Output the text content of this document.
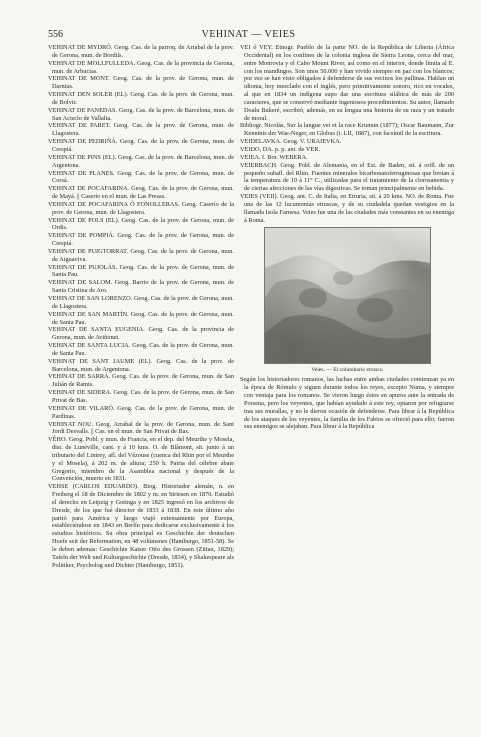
556	VEHINAT — VEIES

VEHINAT DE MYDRÓ. Geog. Cas. de la parroq. de Arrabal de la prov. de Gerona, mun. de Bordils.

VEHINAT DE MOLLFULLEDA. Geog. Cas. de la provincia de Gerona, mun. de Arbucias.

VEHINAT DE MONT. Geog. Cas. de la prov. de Gerona, mun. de Darnius.

VEHINAT DEN SOLER (EL). Geog. Cas. de la prov. de Gerona, mun. de Bolvir.

VEHINAT DE PANEDAS. Geog. Cas. de la prov. de Barcelona, mun. de San Acisclo de Vallalta.

VEHINAT DE PARET. Geog. Cas. de la prov. de Gerona, mun. de Llagostera.

VEHINAT DE PEDRIÑÁ. Geog. Cas. de la prov. de Gerona, mun. de Crespiá.

VEHINAT DE PINS (EL). Geog. Cas. de la prov. de Barcelona, mun. de Argentona.

VEHINAT DE PLANES. Geog. Cas. de la prov. de Gerona, mun. de Corsá.

VEHINAT DE POCAFARINA. Geog. Cas. de la prov. de Gerona, mun. de Mayá. || Caserío en el mun. de Las Presas.

VEHINAT DE POCAFARINA Ó FONOLLERAS. Geog. Caserío de la prov. de Gerona, mun. de Llagostera.

VEHINAT DE POLS (EL). Geog. Cas. de la prov. de Gerona, mun. de Ordis.

VEHINAT DE POMPIÁ. Geog. Cas. de la prov. de Gerona, mun. de Crespiá.

VEHINAT DE PUIGTORRAT. Geog. Cas. de la prov. de Gerona, mun. de Aiguaviva.

VEHINAT DE PUJOLÁS. Geog. Cas. de la prov. de Gerona, mun. de Santa Pau.

VEHINAT DE SALOM. Geog. Barrio de la prov. de Gerona, mun. de Santa Cristina de Aro.

VEHINAT DE SAN LORENZO. Geog. Cas. de la prov. de Gerona, mun. de Llagostera.

VEHINAT DE SAN MARTÍN. Geog. Cas. de la prov. de Gerona, mun. de Santa Pau.

VEHINAT DE SANTA EUGENIA. Geog. Cas. de la provincia de Gerona, mun. de Aviñonet.

VEHINAT DE SANTA LUCIA. Geog. Cas. de la prov. de Gerona, mun. de Santa Pau.

VEHINAT DE SANT JAUME (EL). Geog. Cas. de la prov. de Barcelona, mun. de Argentona.

VEHINAT DE SARRÁ. Geog. Cas. de la prov. de Gerona, mun. de San Julián de Ramis.

VEHINAT DE SIDERA. Geog. Cas. de la prov. de Gerona, mun. de San Privat de Bas.

VEHINAT DE VILARÓ. Geog. Cas. de la prov. de Gerona, mun. de Pardinas.

VEHINAT NOU. Geog. Arrabal de la prov. de Gerona, mun. de Sant Jordi Desvalls. || Cas. en el mun. de San Privat de Bas.

VÊHO. Geog. Pobl. y mun. de Francia, en el dep. del Meurthe y Mosela, dist. de Lunéville, cant. y á 10 kms. O. de Blâmont, sit. junto á un tributario del Lintrey, afl. del Vézouse (cuenca del Rhin por el Meurthe y el Mosela), á 202 m. de altura; 250 h. Patria del célebre abate Gregorio, miembro de la Asamblea nacional y después de la Convención, muerto en 1831.

VEHSE (CARLOS EDUARDO). Biog. Historiador alemán, n. en Freiberg el 18 de Diciembre de 1802 y m. en Striesen en 1870. Estudió el derecho en Leipzig y Gotinga y en 1825 ingresó en los archivos de Dresde, de los que fué director de 1833 á 1838. En este último año partió para América y luego viajó extensamente por Europa, estableciéndose en 1843 en Berlín para dedicarse exclusivamente á los estudios históricos. Su obra principal es Geschichte der deutschen Hoefe seit der Reformation, en 48 volúmenes (Hamburgo, 1851-58). Se le deben además: Geschichte Kaiser Otto des Grossen (Zittau, 1829); Tafeln der Welt und Kulturgeschichte (Dresde, 1834), y Shakespeare als Politiker, Psycholog und Dichter (Hamburgo, 1851).

VEI ó VEY. Etnogr. Pueblo de la parte NO. de la República de Liberia (África Occidental) en los confines de la colonia inglesa de Sierra Leona, cerca del mar, entre Monrovia y el Cabo Mount River, así como en el interior, donde limita al E. con los mandingos. Son unos 50.000 y han vivido siempre en paz con los blancos; por eso se han visto obligados á defenderse de sus vecinos los pullinas. Hablan un idioma, hoy mezclado con el inglés, pero primitivamente sonoro, rico en vocales, al que en 1834 un indígena supo dar una escritura silábica de más de 200 caracteres, que se conservó mediante ingeniosos procedimientos. Su autor, llamado Doalu Bukeré, escribió, además, en su lengua una historia de su raza y un tratado de moral.

Bibliogr. Nicolás, Sur la langue vei et la race Krumun (1877); Oscar Baumann, Zur Kenntnis der Wae-Neger, en Globus (t. LII, 1887), con facsímil de la escritura.

VEIDELAVKA. Geog. V. URAIEVKA.

VEIDO, DA. p. p. ant. de VER.

VEIEA. f. Bot. WEBERA.

VEIERBACH. Geog. Pobl. de Alemania, en el Est. de Baden, sit. á orill. de un pequeño subafl. del Rhin. Fuentes minerales bicarbonatoferruginosas que brotan á la temperatura de 10 á 11° C., utilizadas para el tratamiento de la clorosanemia y de ciertas afecciones de las vías digestivas. Se toman principalmente en bebida.

VEIES (VEII). Geog. ant. C. de Italia, en Etruria, sit. á 20 kms. NO. de Roma. Fue una de las 12 lucumonías etruscas, y de su ciudadela quedan vestigios en la llamada Isola Farnesa. Veies fue una de las ciudades más constantes en su enemiga á Roma.

Veies. — El columbario etrusco

Según los historiadores romanos, las luchas entre ambas ciudades comienzan ya en la época de Rómulo y siguen durante todos los reyes, excepto Numa, y siempre con ventaja para los romanos. Se vieron luego éstos en apuros ante la entrada de Porsena, pero los veyentes, que habían ayudado á este rey, optaron por refugiarse tras sus murallas, y no le dieron ocasión de defenderse. Para librar á la República de los ataques de los veyentes, la familia de los Fabios se ofreció para ello; fueron sus enemigos se alejaban. Para librar á la República
